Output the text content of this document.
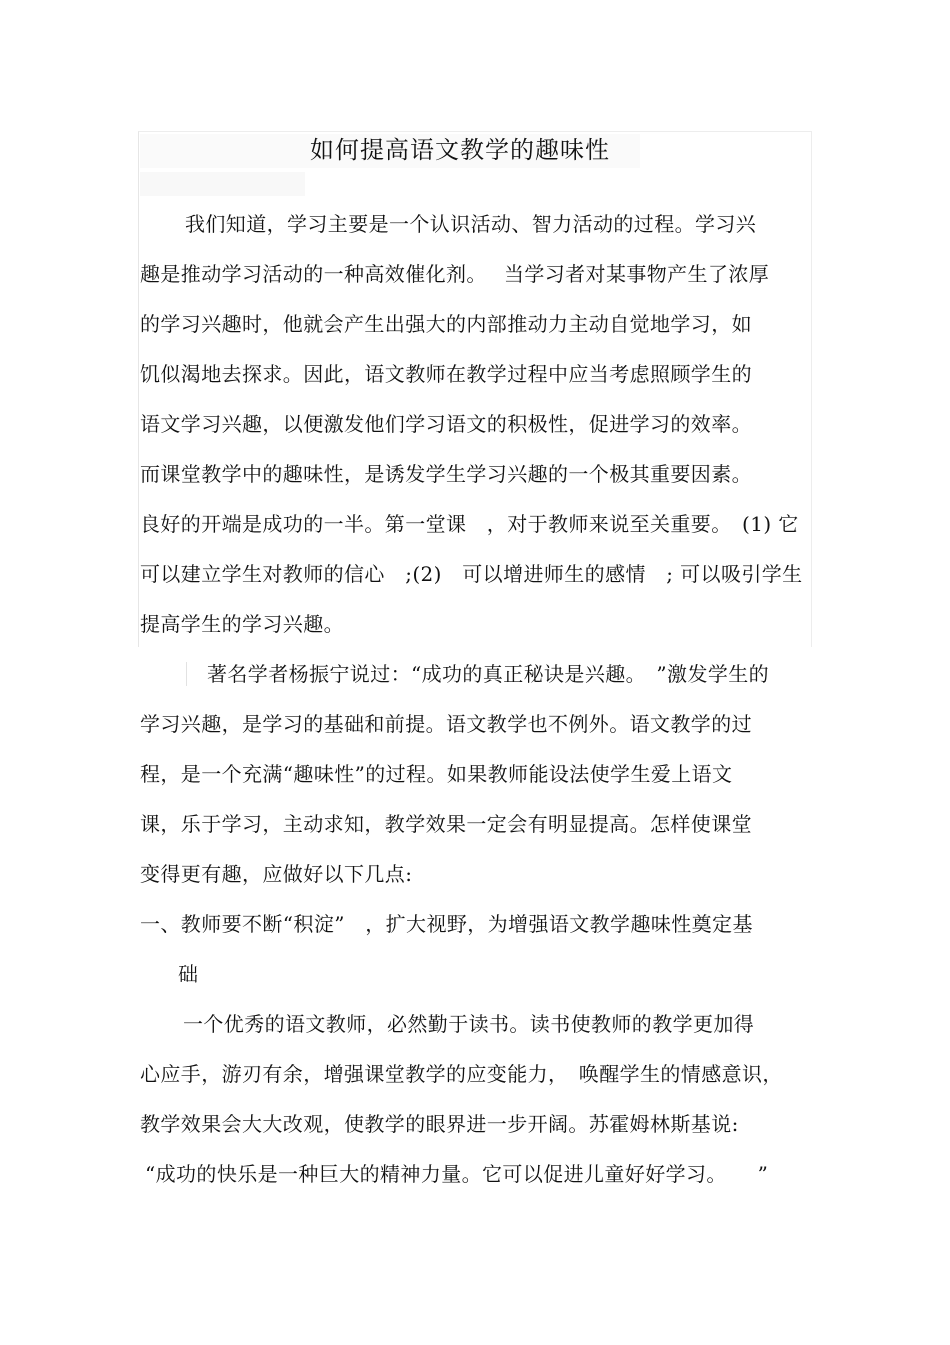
如何提高语文教学的趣味性
我们知道，学习主要是一个认识活动、智力活动的过程。学习兴
趣是推动学习活动的一种高效催化剂。　 当学习者对某事物产生了浓厚
的学习兴趣时，他就会产生出强大的内部推动力主动自觉地学习，如
饥似渴地去探求。因此，语文教师在教学过程中应当考虑照顾学生的
语文学习兴趣，以便激发他们学习语文的积极性，促进学习的效率。
而课堂教学中的趣味性，是诱发学生学习兴趣的一个极其重要因素。
良好的开端是成功的一半。第一堂课　，对于教师来说至关重要。　(1) 它
可以建立学生对教师的信心　;(2)　可以增进师生的感情　; 可以吸引学生
提高学生的学习兴趣。
著名学者杨振宁说过：“成功的真正秘诀是兴趣。　”激发学生的
学习兴趣，是学习的基础和前提。语文教学也不例外。语文教学的过
程，是一个充满“趣味性”的过程。如果教师能设法使学生爱上语文
课，乐于学习，主动求知，教学效果一定会有明显提高。怎样使课堂
变得更有趣，应做好以下几点:
一、教师要不断“积淀”　，扩大视野，为增强语文教学趣味性奠定基
础
一个优秀的语文教师，必然勤于读书。读书使教师的教学更加得
心应手，游刃有余，增强课堂教学的应变能力，　唤醒学生的情感意识，
教学效果会大大改观，使教学的眼界进一步开阔。苏霍姆林斯基说:
“成功的快乐是一种巨大的精神力量。它可以促进儿童好好学习。　　”
